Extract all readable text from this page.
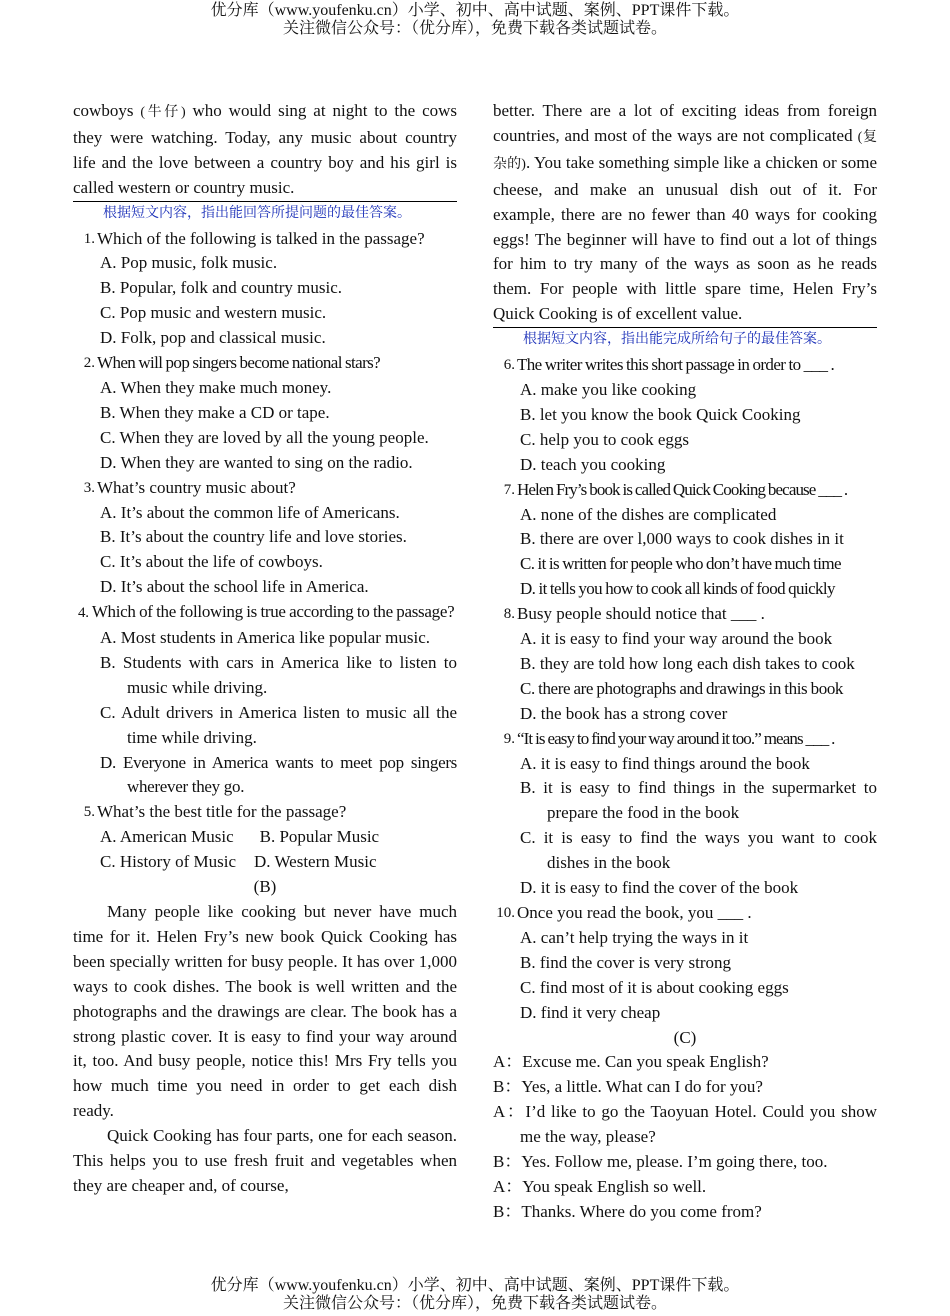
优分库（www.youfenku.cn）小学、初中、高中试题、案例、PPT课件下载。
关注微信公众号：（优分库），免费下载各类试题试卷。

cowboys (牛仔) who would sing at night to the cows they were watching. Today, any music about country life and the love between a country boy and his girl is called western or country music.

根据短文内容，指出能回答所提问题的最佳答案。
1. Which of the following is talked in the passage?
A. Pop music, folk music.
B. Popular, folk and country music.
C. Pop music and western music.
D. Folk, pop and classical music.
2. When will pop singers become national stars?
A. When they make much money.
B. When they make a CD or tape.
C. When they are loved by all the young people.
D. When they are wanted to sing on the radio.
3. What’s country music about?
A. It’s about the common life of Americans.
B. It’s about the country life and love stories.
C. It’s about the life of cowboys.
D. It’s about the school life in America.

4. Which of the following is true according to the passage?

A. Most students in America like popular music.
B. Students with cars in America like to listen to music while driving.
C. Adult drivers in America listen to music all the time while driving.
D. Everyone in America wants to meet pop singers wherever they go.
5. What’s the best title for the passage?
A. American Music B. Popular Music
C. History of Music D. Western Music
(B)

Many people like cooking but never have much time for it. Helen Fry’s new book Quick Cooking has been specially written for busy people. It has over 1,000 ways to cook dishes. The book is well written and the photographs and the drawings are clear. The book has a strong plastic cover. It is easy to find your way around it, too. And busy people, notice this! Mrs Fry tells you how much time you need in order to get each dish ready.

Quick Cooking has four parts, one for each season. This helps you to use fresh fruit and vegetables when they are cheaper and, of course,

better. There are a lot of exciting ideas from foreign countries, and most of the ways are not complicated (复杂的). You take something simple like a chicken or some cheese, and make an unusual dish out of it. For example, there are no fewer than 40 ways for cooking eggs! The beginner will have to find out a lot of things for him to try many of the ways as soon as he reads them. For people with little spare time, Helen Fry’s Quick Cooking is of excellent value.

根据短文内容，指出能完成所给句子的最佳答案。
6. The writer writes this short passage in order to ___ .
A. make you like cooking
B. let you know the book Quick Cooking
C. help you to cook eggs
D. teach you cooking
7. Helen Fry’s book is called Quick Cooking because ___ .
A. none of the dishes are complicated
B. there are over l,000 ways to cook dishes in it
C. it is written for people who don’t have much time
D. it tells you how to cook all kinds of food quickly
8. Busy people should notice that ___ .
A. it is easy to find your way around the book
B. they are told how long each dish takes to cook
C. there are photographs and drawings in this book
D. the book has a strong cover
9. “It is easy to find your way around it too.” means ___ .
A. it is easy to find things around the book
B. it is easy to find things in the supermarket to prepare the food in the book
C. it is easy to find the ways you want to cook dishes in the book
D. it is easy to find the cover of the book
10. Once you read the book, you ___ .
A. can’t help trying the ways in it
B. find the cover is very strong
C. find most of it is about cooking eggs
D. find it very cheap
(C)
A：Excuse me. Can you speak English?
B：Yes, a little. What can I do for you?
A：I’d like to go the Taoyuan Hotel. Could you show me the way, please?
B：Yes. Follow me, please. I’m going there, too.
A：You speak English so well.
B：Thanks. Where do you come from?
优分库（www.youfenku.cn）小学、初中、高中试题、案例、PPT课件下载。
关注微信公众号：（优分库），免费下载各类试题试卷。
